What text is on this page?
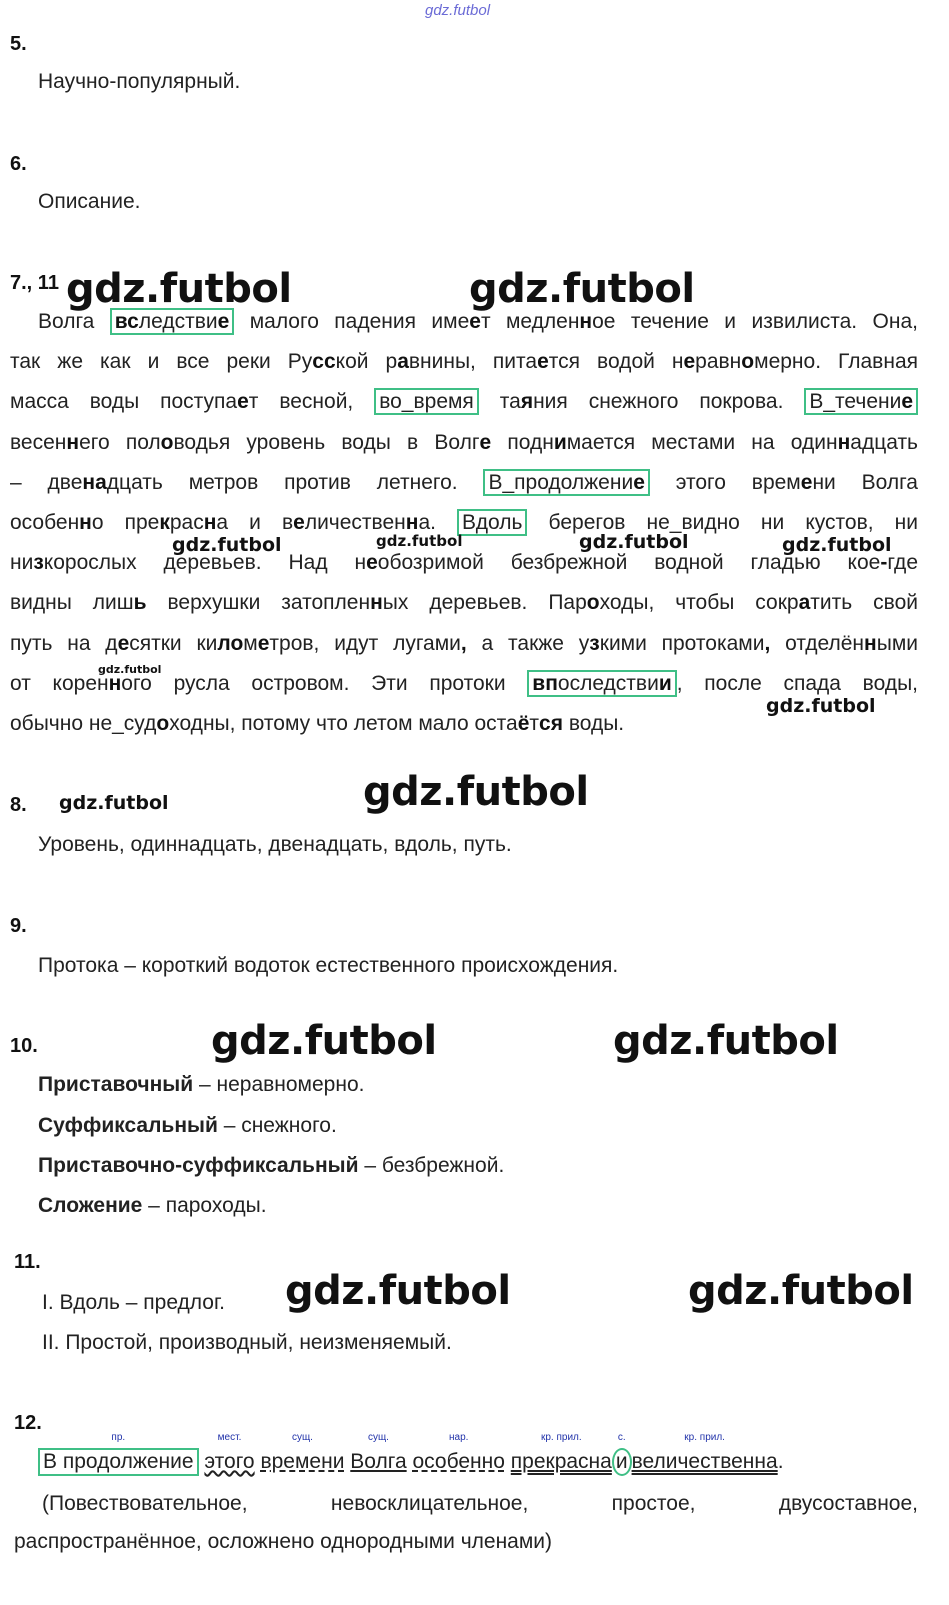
gdz.futbol
5.
Научно-популярный.
6.
Описание.
7., 11 gdz.futbol	gdz.futbol
Волга вследствие малого падения имеет медленное течение и извилиста. Она,
так же как и все реки Русской равнины, питается водой неравномерно. Главная
масса воды поступает весной, во_время таяния снежного покрова. В_течение
весеннего половодья уровень воды в Волге поднимается местами на одиннадцать
– двенадцать метров против летнего. В_продолжение этого времени Волга
особенно прекрасна и величественна. Вдоль берегов не_видно ни кустов, ни
низкорослых деревьев. Над необозримой безбрежной водной гладью кое-где
видны лишь верхушки затопленных деревьев. Пароходы, чтобы сократить свой
путь на десятки километров, идут лугами, а также узкими протоками, отделёнными
от коренного русла островом. Эти протоки впоследствии , после спада воды,
обычно не_судоходны, потому что летом мало остаётся воды.
gdz.futbol	gdz.futbol	gdz.futbol	gdz.futbol
gdz.futbol
gdz.futbol
8. gdz.futbol	gdz.futbol
Уровень, одиннадцать, двенадцать, вдоль, путь.
9.
Протока – короткий водоток естественного происхождения.
10.	gdz.futbol	gdz.futbol
Приставочный – неравномерно.
Суффиксальный – снежного.
Приставочно-суффиксальный – безбрежной.
Сложение – пароходы.
11.
gdz.futbol	gdz.futbol
I. Вдоль – предлог.
II. Простой, производный, неизменяемый.
12.
пр.
В продолжение
мест.
этого
сущ.
времени
сущ.
Волга
нар.
особенно
кр. прил.
прекрасна
с.
и
кр. прил.
величественна.
(Повествовательное, невосклицательное, простое, двусоставное,
распространённое, осложнено однородными членами)
